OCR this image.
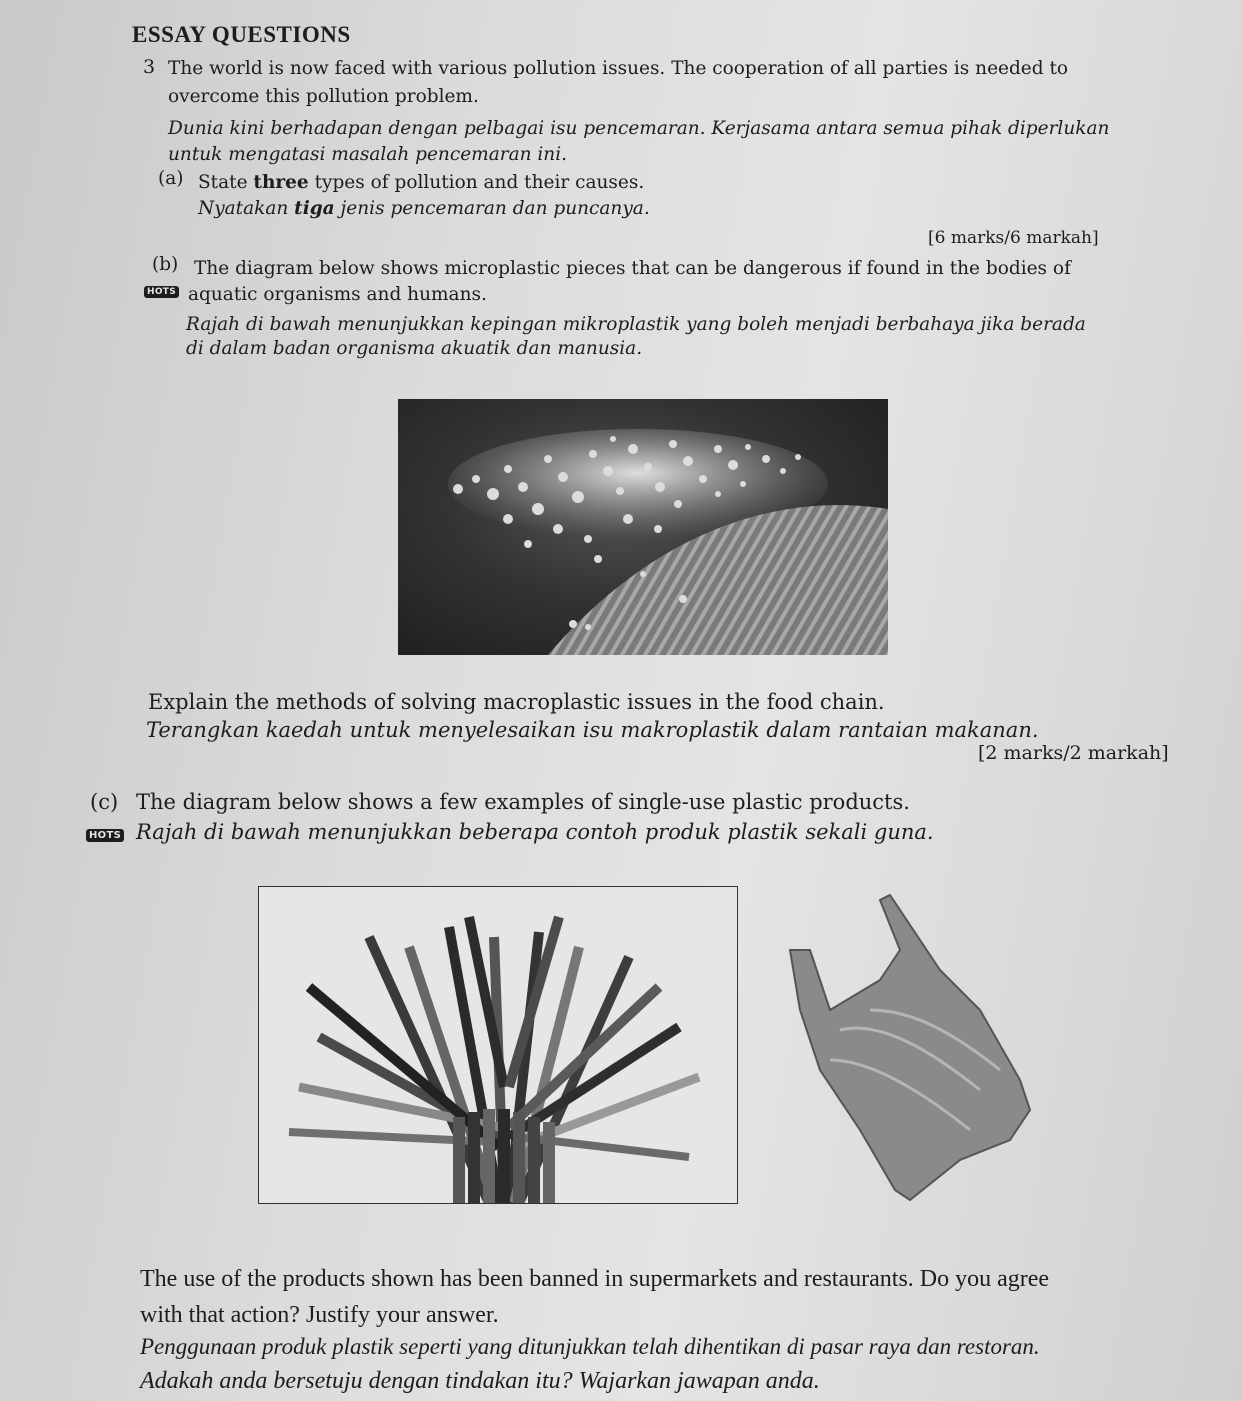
ESSAY QUESTIONS
3 The world is now faced with various pollution issues. The cooperation of all parties is needed to
overcome this pollution problem.
Dunia kini berhadapan dengan pelbagai isu pencemaran. Kerjasama antara semua pihak diperlukan
untuk mengatasi masalah pencemaran ini.
(a) State three types of pollution and their causes.
Nyatakan tiga jenis pencemaran dan puncanya.
[6 marks/6 markah]
(b) The diagram below shows microplastic pieces that can be dangerous if found in the bodies of
HOTS aquatic organisms and humans.
Rajah di bawah menunjukkan kepingan mikroplastik yang boleh menjadi berbahaya jika berada
di dalam badan organisma akuatik dan manusia.
Explain the methods of solving macroplastic issues in the food chain.
Terangkan kaedah untuk menyelesaikan isu makroplastik dalam rantaian makanan.
[2 marks/2 markah]
(c) The diagram below shows a few examples of single-use plastic products.
HOTS Rajah di bawah menunjukkan beberapa contoh produk plastik sekali guna.
The use of the products shown has been banned in supermarkets and restaurants. Do you agree
with that action? Justify your answer.
Penggunaan produk plastik seperti yang ditunjukkan telah dihentikan di pasar raya dan restoran.
Adakah anda bersetuju dengan tindakan itu? Wajarkan jawapan anda.
